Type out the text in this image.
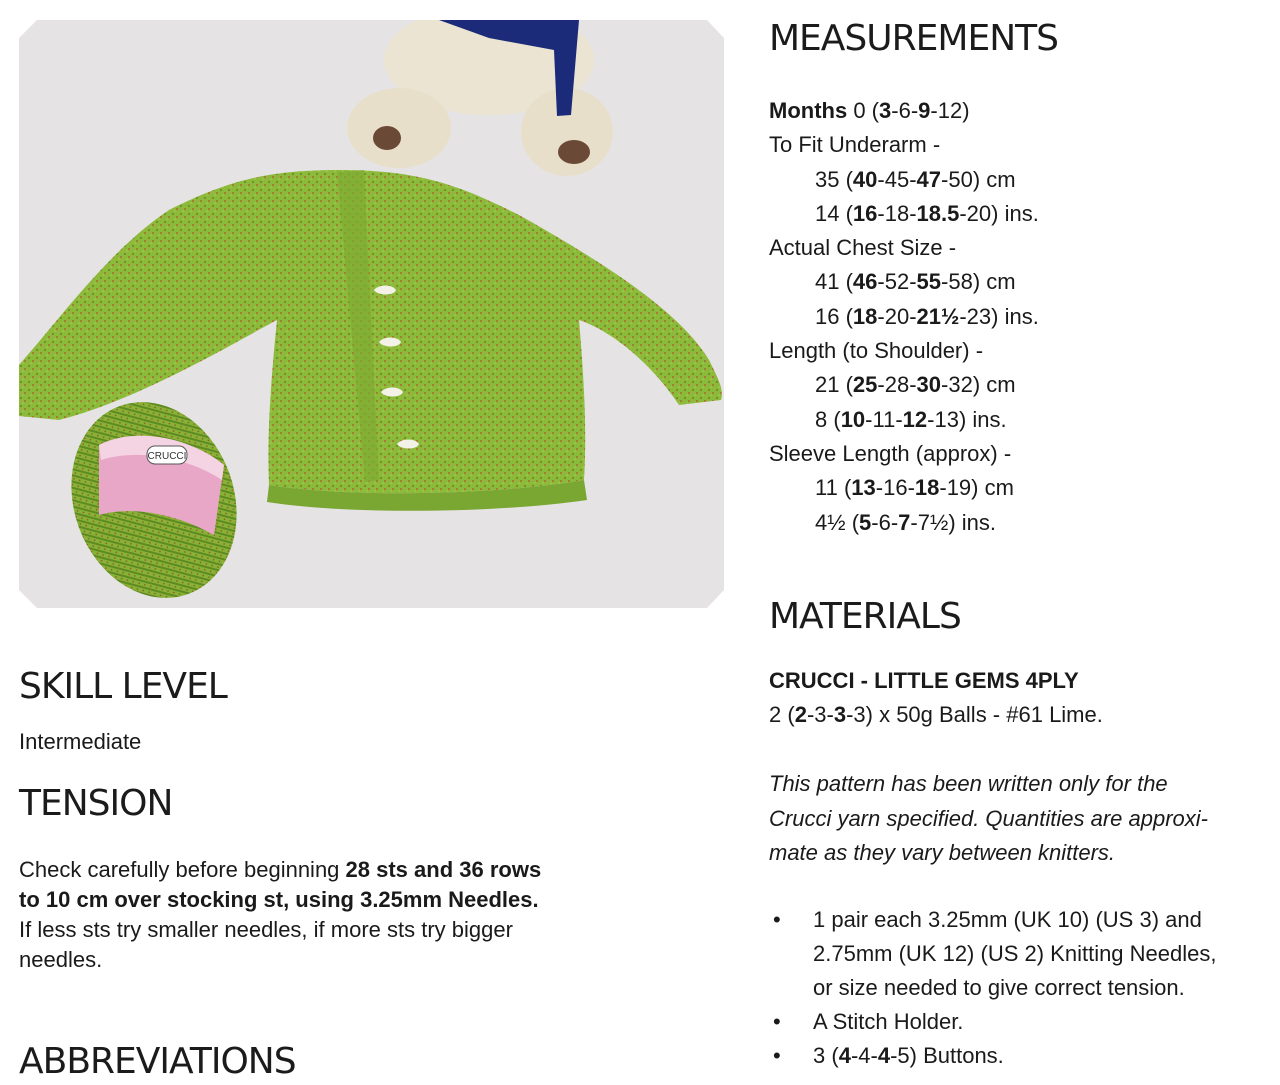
CRUCCI
MEASUREMENTS
Months 0 (3-6-9-12)
To Fit Underarm -
35 (40-45-47-50) cm
14 (16-18-18.5-20) ins.
Actual Chest Size -
41 (46-52-55-58) cm
16 (18-20-21½-23) ins.
Length (to Shoulder) -
21 (25-28-30-32) cm
8 (10-11-12-13) ins.
Sleeve Length (approx) -
11 (13-16-18-19) cm
4½ (5-6-7-7½) ins.
MATERIALS
CRUCCI - LITTLE GEMS 4PLY
2 (2-3-3-3) x 50g Balls - #61 Lime.
This pattern has been written only for the
Crucci yarn specified. Quantities are approxi-
mate as they vary between knitters.
• 1 pair each 3.25mm (UK 10) (US 3) and
2.75mm (UK 12) (US 2) Knitting Needles,
or size needed to give correct tension.
• A Stitch Holder.
• 3 (4-4-4-5) Buttons.
SKILL LEVEL
Intermediate
TENSION
Check carefully before beginning 28 sts and 36 rows
to 10 cm over stocking st, using 3.25mm Needles.
If less sts try smaller needles, if more sts try bigger
needles.
ABBREVIATIONS
